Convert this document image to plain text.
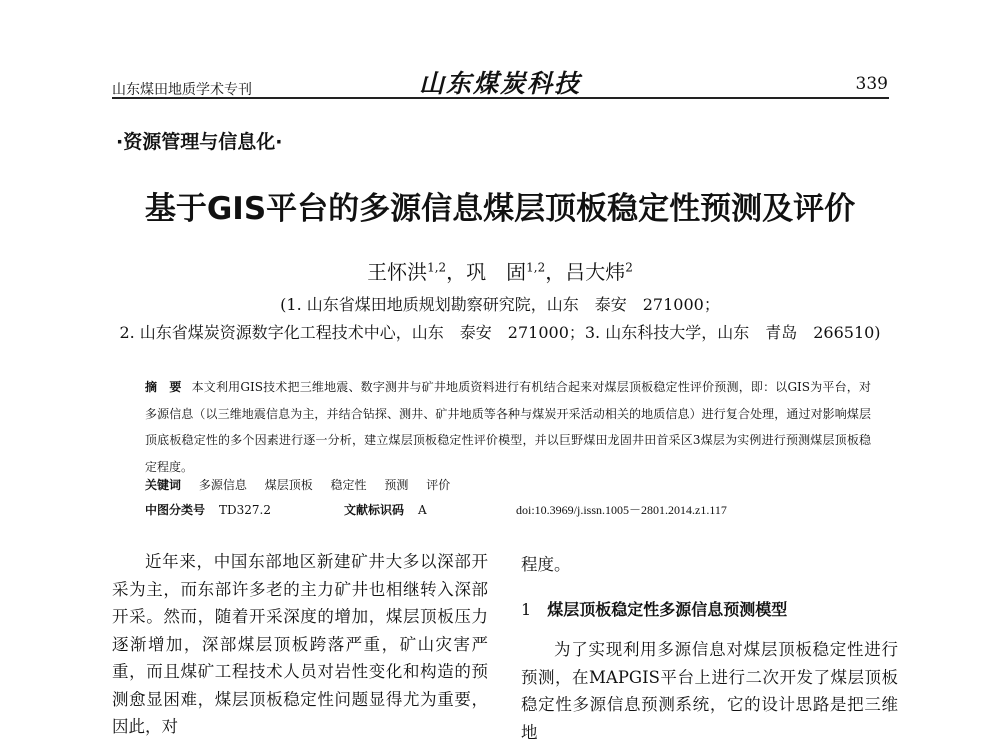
山东煤田地质学术专刊	山东煤炭科技	339
·资源管理与信息化·
基于GIS平台的多源信息煤层顶板稳定性预测及评价
王怀洪$^{1,2}$，巩　固$^{1,2}$，吕大炜$^2$
(1. 山东省煤田地质规划勘察研究院，山东　泰安　271000；
2. 山东省煤炭资源数字化工程技术中心，山东　泰安　271000；3. 山东科技大学，山东　青岛　266510)
摘　要 本文利用GIS技术把三维地震、数字测井与矿井地质资料进行有机结合起来对煤层顶板稳定性评价预测，即：以GIS为平台，对多源信息（以三维地震信息为主，并结合钻探、测井、矿井地质等各种与煤炭开采活动相关的地质信息）进行复合处理，通过对影响煤层顶底板稳定性的多个因素进行逐一分析，建立煤层顶板稳定性评价模型，并以巨野煤田龙固井田首采区3煤层为实例进行预测煤层顶板稳定程度。
关键词 多源信息 煤层顶板 稳定性 预测 评价
中图分类号 TD327.2	文献标识码 A	doi:10.3969/j.issn.1005－2801.2014.z1.117

近年来，中国东部地区新建矿井大多以深部开采为主，而东部许多老的主力矿井也相继转入深部开采。然而，随着开采深度的增加，煤层顶板压力逐渐增加，深部煤层顶板跨落严重，矿山灾害严重，而且煤矿工程技术人员对岩性变化和构造的预测愈显困难，煤层顶板稳定性问题显得尤为重要，因此，对

程度。
1 煤层顶板稳定性多源信息预测模型

为了实现利用多源信息对煤层顶板稳定性进行预测，在MAPGIS平台上进行二次开发了煤层顶板稳定性多源信息预测系统，它的设计思路是把三维地
